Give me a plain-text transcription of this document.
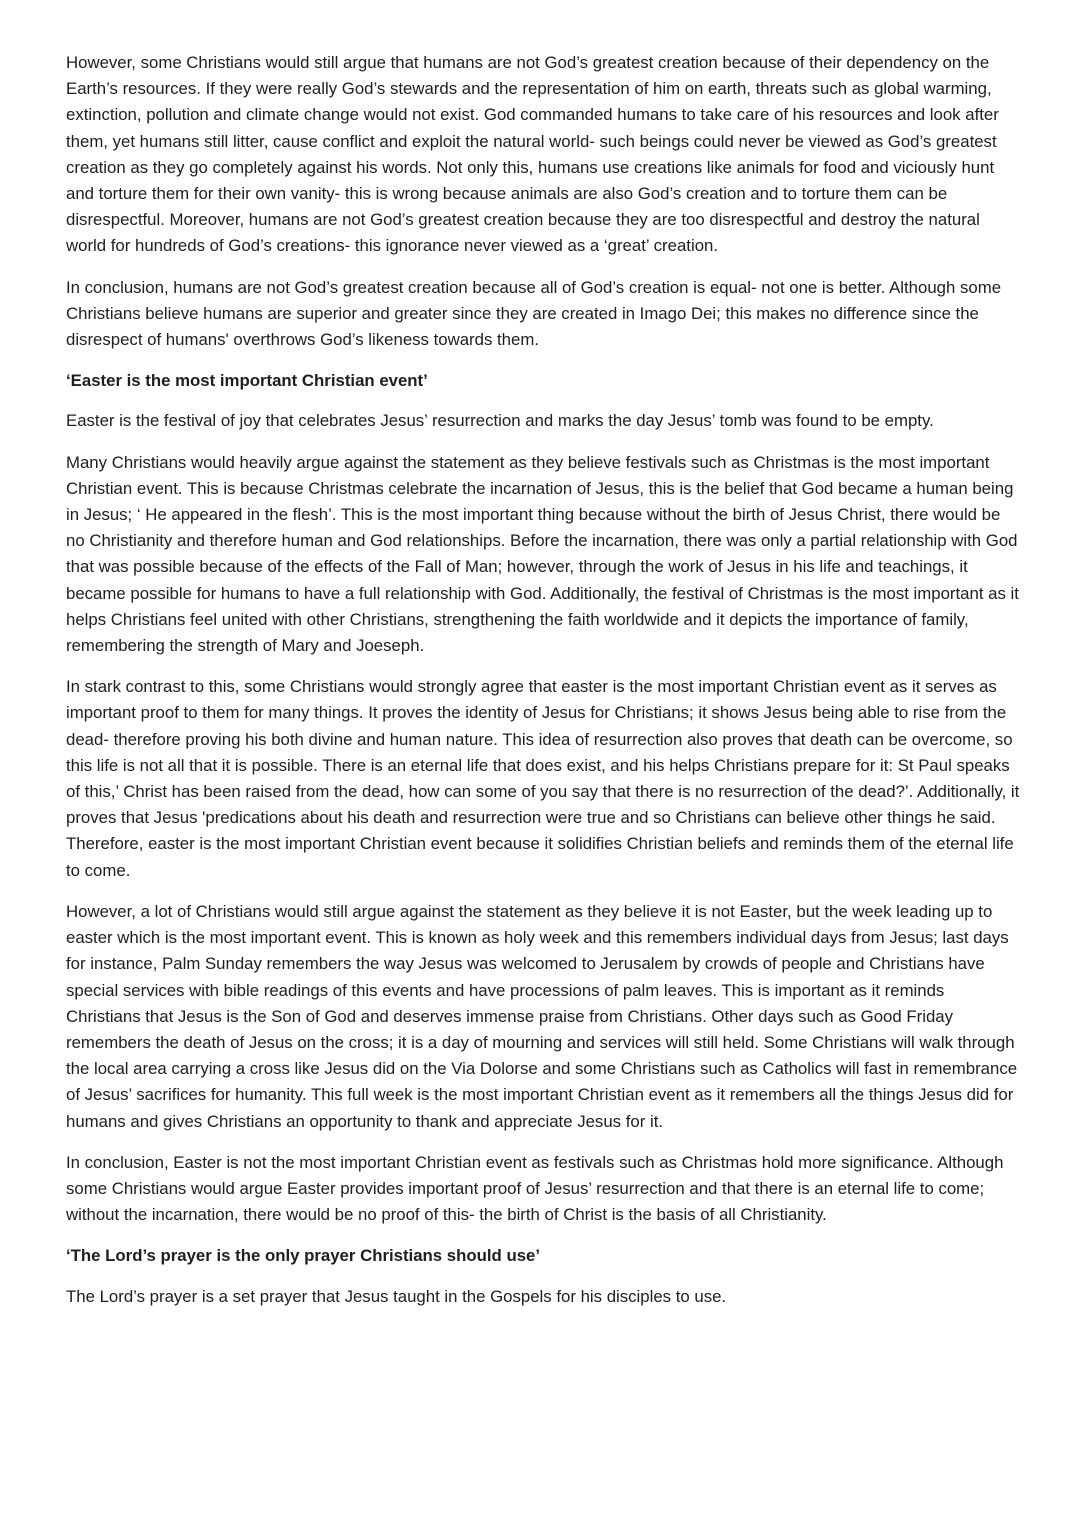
However, some Christians would still argue that humans are not God’s greatest creation because of their dependency on the Earth’s resources. If they were really God’s stewards and the representation of him on earth, threats such as global warming, extinction, pollution and climate change would not exist. God commanded humans to take care of his resources and look after them, yet humans still litter, cause conflict and exploit the natural world- such beings could never be viewed as God’s greatest creation as they go completely against his words. Not only this, humans use creations like animals for food and viciously hunt and torture them for their own vanity- this is wrong because animals are also God’s creation and to torture them can be disrespectful. Moreover, humans are not God’s greatest creation because they are too disrespectful and destroy the natural world for hundreds of God’s creations- this ignorance never viewed as a ‘great’ creation.

In conclusion, humans are not God’s greatest creation because all of God’s creation is equal- not one is better. Although some Christians believe humans are superior and greater since they are created in Imago Dei; this makes no difference since the disrespect of humans' overthrows God’s likeness towards them.

‘Easter is the most important Christian event’

Easter is the festival of joy that celebrates Jesus’ resurrection and marks the day Jesus’ tomb was found to be empty.

Many Christians would heavily argue against the statement as they believe festivals such as Christmas is the most important Christian event. This is because Christmas celebrate the incarnation of Jesus, this is the belief that God became a human being in Jesus; ‘ He appeared in the flesh’. This is the most important thing because without the birth of Jesus Christ, there would be no Christianity and therefore human and God relationships. Before the incarnation, there was only a partial relationship with God that was possible because of the effects of the Fall of Man; however, through the work of Jesus in his life and teachings, it became possible for humans to have a full relationship with God. Additionally, the festival of Christmas is the most important as it helps Christians feel united with other Christians, strengthening the faith worldwide and it depicts the importance of family, remembering the strength of Mary and Joeseph.

In stark contrast to this, some Christians would strongly agree that easter is the most important Christian event as it serves as important proof to them for many things. It proves the identity of Jesus for Christians; it shows Jesus being able to rise from the dead- therefore proving his both divine and human nature. This idea of resurrection also proves that death can be overcome, so this life is not all that it is possible. There is an eternal life that does exist, and his helps Christians prepare for it: St Paul speaks of this,’ Christ has been raised from the dead, how can some of you say that there is no resurrection of the dead?’. Additionally, it proves that Jesus 'predications about his death and resurrection were true and so Christians can believe other things he said. Therefore, easter is the most important Christian event because it solidifies Christian beliefs and reminds them of the eternal life to come.

However, a lot of Christians would still argue against the statement as they believe it is not Easter, but the week leading up to easter which is the most important event. This is known as holy week and this remembers individual days from Jesus; last days for instance, Palm Sunday remembers the way Jesus was welcomed to Jerusalem by crowds of people and Christians have special services with bible readings of this events and have processions of palm leaves. This is important as it reminds Christians that Jesus is the Son of God and deserves immense praise from Christians. Other days such as Good Friday remembers the death of Jesus on the cross; it is a day of mourning and services will still held. Some Christians will walk through the local area carrying a cross like Jesus did on the Via Dolorse and some Christians such as Catholics will fast in remembrance of Jesus’ sacrifices for humanity. This full week is the most important Christian event as it remembers all the things Jesus did for humans and gives Christians an opportunity to thank and appreciate Jesus for it.

In conclusion, Easter is not the most important Christian event as festivals such as Christmas hold more significance. Although some Christians would argue Easter provides important proof of Jesus’ resurrection and that there is an eternal life to come; without the incarnation, there would be no proof of this- the birth of Christ is the basis of all Christianity.

‘The Lord’s prayer is the only prayer Christians should use’

The Lord’s prayer is a set prayer that Jesus taught in the Gospels for his disciples to use.
